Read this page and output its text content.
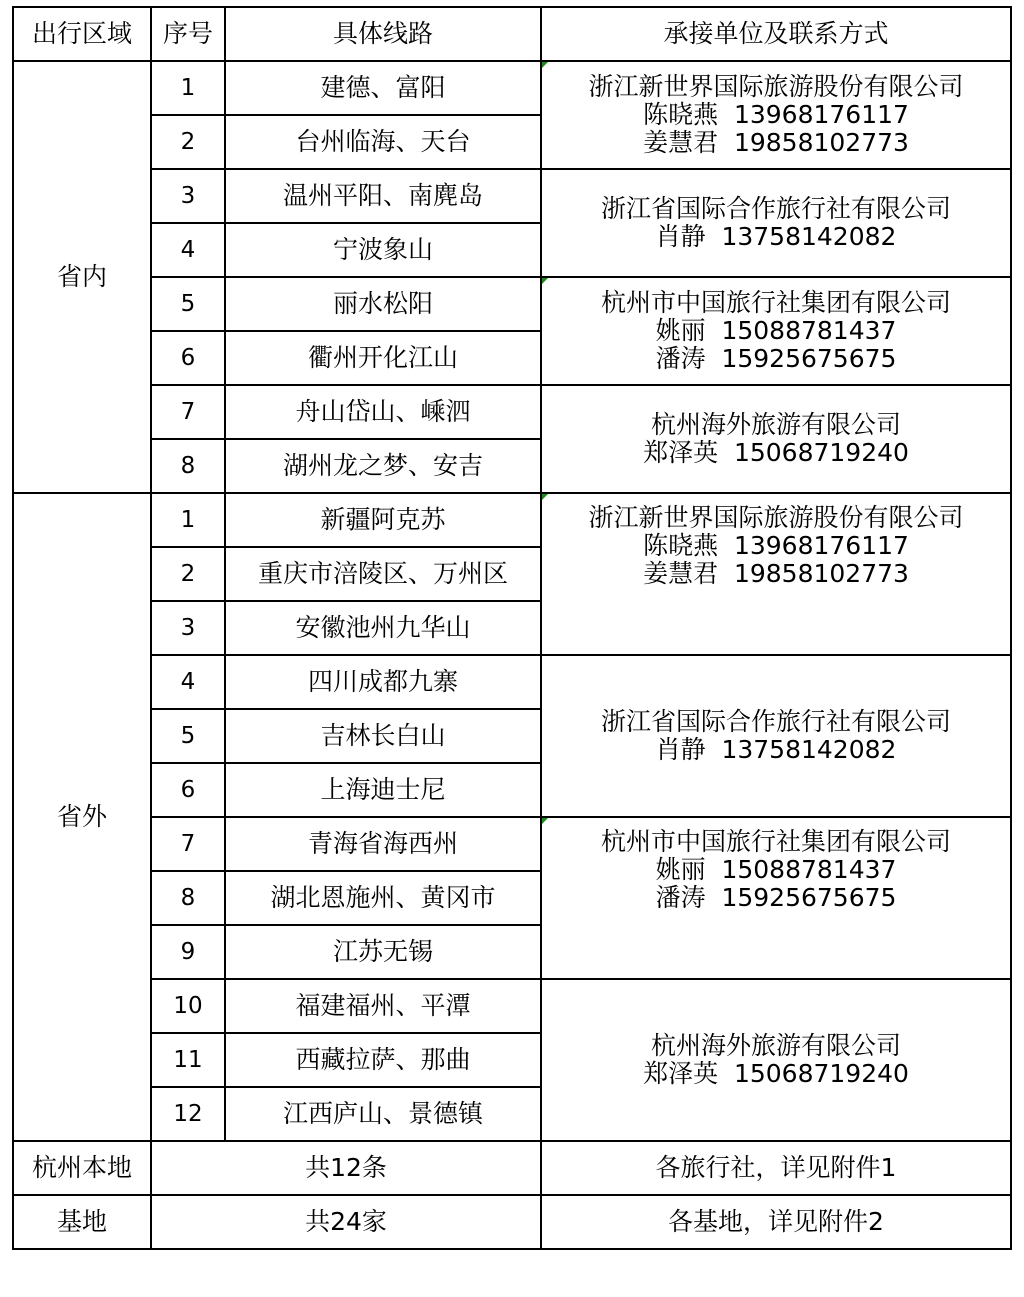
出行区域	序号	具体线路	承接单位及联系方式
省内	1	建德、富阳	浙江新世界国际旅游股份有限公司
陈晓燕  13968176117
姜慧君  19858102773

	2	台州临海、天台	
	3	温州平阳、南麂岛	浙江省国际合作旅行社有限公司
肖静  13758142082

	4	宁波象山	
	5	丽水松阳	杭州市中国旅行社集团有限公司
姚丽  15088781437
潘涛  15925675675

	6	衢州开化江山	
	7	舟山岱山、嵊泗	杭州海外旅游有限公司
郑泽英  15068719240

	8	湖州龙之梦、安吉	
省外	1	新疆阿克苏	浙江新世界国际旅游股份有限公司
陈晓燕  13968176117
姜慧君  19858102773

	2	重庆市涪陵区、万州区	
	3	安徽池州九华山	
	4	四川成都九寨	浙江省国际合作旅行社有限公司
肖静  13758142082

	5	吉林长白山	
	6	上海迪士尼	
	7	青海省海西州	杭州市中国旅行社集团有限公司
姚丽  15088781437
潘涛  15925675675

	8	湖北恩施州、黄冈市	
	9	江苏无锡	
	10	福建福州、平潭	杭州海外旅游有限公司
郑泽英  15068719240

	11	西藏拉萨、那曲	
	12	江西庐山、景德镇	
杭州本地	共12条		各旅行社，详见附件1
基地	共24家		各基地，详见附件2
